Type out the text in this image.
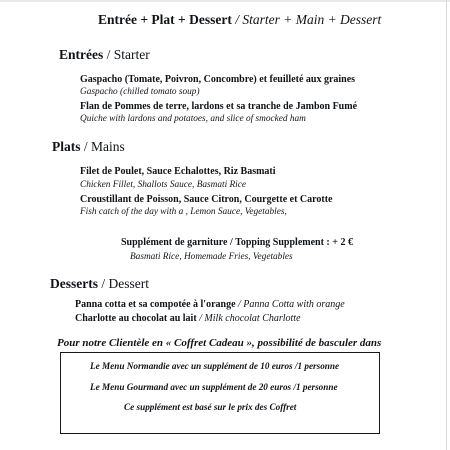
Entrée + Plat + Dessert / Starter + Main + Dessert
Entrées / Starter
Gaspacho (Tomate, Poivron, Concombre) et feuilleté aux graines
Gaspacho (chilled tomato soup)
Flan de Pommes de terre, lardons et sa tranche de Jambon Fumé
Quiche with lardons and potatoes, and slice of smocked ham
Plats / Mains
Filet de Poulet, Sauce Echalottes, Riz Basmati
Chicken Fillet, Shallots Sauce, Basmati Rice
Croustillant de Poisson, Sauce Citron, Courgette et Carotte
Fish catch of the day with a , Lemon Sauce, Vegetables,
Supplément de garniture / Topping Supplement : + 2 €
Basmati Rice, Homemade Fries, Vegetables
Desserts / Dessert
Panna cotta et sa compotée à l'orange / Panna Cotta with orange
Charlotte au chocolat au lait / Milk chocolat Charlotte
Pour notre Clientèle en « Coffret Cadeau », possibilité de basculer dans
Le Menu Normandie avec un supplément de 10 euros /1 personne
Le Menu Gourmand avec un supplément de 20 euros /1 personne
Ce supplément est basé sur le prix des Coffret
